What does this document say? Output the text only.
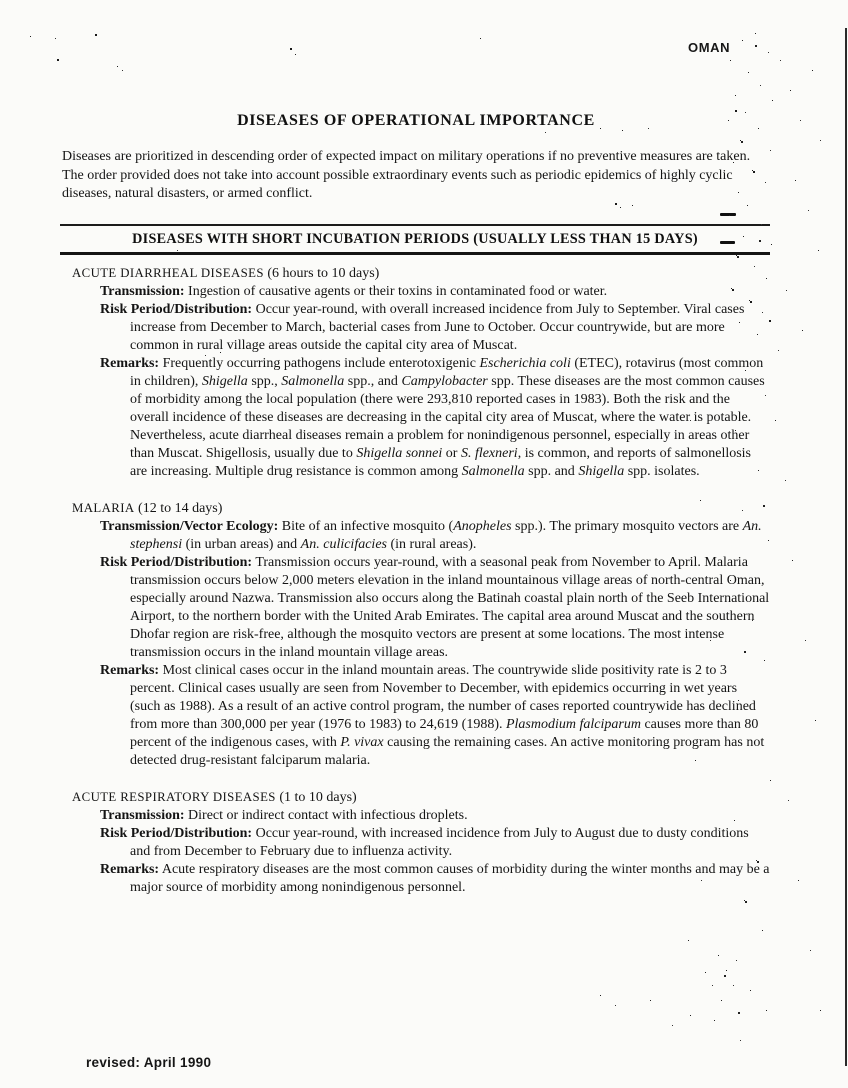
OMAN
DISEASES OF OPERATIONAL IMPORTANCE
Diseases are prioritized in descending order of expected impact on military operations if no preventive measures are taken. The order provided does not take into account possible extraordinary events such as periodic epidemics of highly cyclic diseases, natural disasters, or armed conflict.
DISEASES WITH SHORT INCUBATION PERIODS (USUALLY LESS THAN 15 DAYS)
ACUTE DIARRHEAL DISEASES (6 hours to 10 days)
Transmission: Ingestion of causative agents or their toxins in contaminated food or water.
Risk Period/Distribution: Occur year-round, with overall increased incidence from July to September. Viral cases increase from December to March, bacterial cases from June to October. Occur countrywide, but are more common in rural village areas outside the capital city area of Muscat.
Remarks: Frequently occurring pathogens include enterotoxigenic Escherichia coli (ETEC), rotavirus (most common in children), Shigella spp., Salmonella spp., and Campylobacter spp. These diseases are the most common causes of morbidity among the local population (there were 293,810 reported cases in 1983). Both the risk and the overall incidence of these diseases are decreasing in the capital city area of Muscat, where the water is potable. Nevertheless, acute diarrheal diseases remain a problem for nonindigenous personnel, especially in areas other than Muscat. Shigellosis, usually due to Shigella sonnei or S. flexneri, is common, and reports of salmonellosis are increasing. Multiple drug resistance is common among Salmonella spp. and Shigella spp. isolates.
MALARIA (12 to 14 days)
Transmission/Vector Ecology: Bite of an infective mosquito (Anopheles spp.). The primary mosquito vectors are An. stephensi (in urban areas) and An. culicifacies (in rural areas).
Risk Period/Distribution: Transmission occurs year-round, with a seasonal peak from November to April. Malaria transmission occurs below 2,000 meters elevation in the inland mountainous village areas of north-central Oman, especially around Nazwa. Transmission also occurs along the Batinah coastal plain north of the Seeb International Airport, to the northern border with the United Arab Emirates. The capital area around Muscat and the southern Dhofar region are risk-free, although the mosquito vectors are present at some locations. The most intense transmission occurs in the inland mountain village areas.
Remarks: Most clinical cases occur in the inland mountain areas. The countrywide slide positivity rate is 2 to 3 percent. Clinical cases usually are seen from November to December, with epidemics occurring in wet years (such as 1988). As a result of an active control program, the number of cases reported countrywide has declined from more than 300,000 per year (1976 to 1983) to 24,619 (1988). Plasmodium falciparum causes more than 80 percent of the indigenous cases, with P. vivax causing the remaining cases. An active monitoring program has not detected drug-resistant falciparum malaria.
ACUTE RESPIRATORY DISEASES (1 to 10 days)
Transmission: Direct or indirect contact with infectious droplets.
Risk Period/Distribution: Occur year-round, with increased incidence from July to August due to dusty conditions and from December to February due to influenza activity.
Remarks: Acute respiratory diseases are the most common causes of morbidity during the winter months and may be a major source of morbidity among nonindigenous personnel.
revised: April 1990
